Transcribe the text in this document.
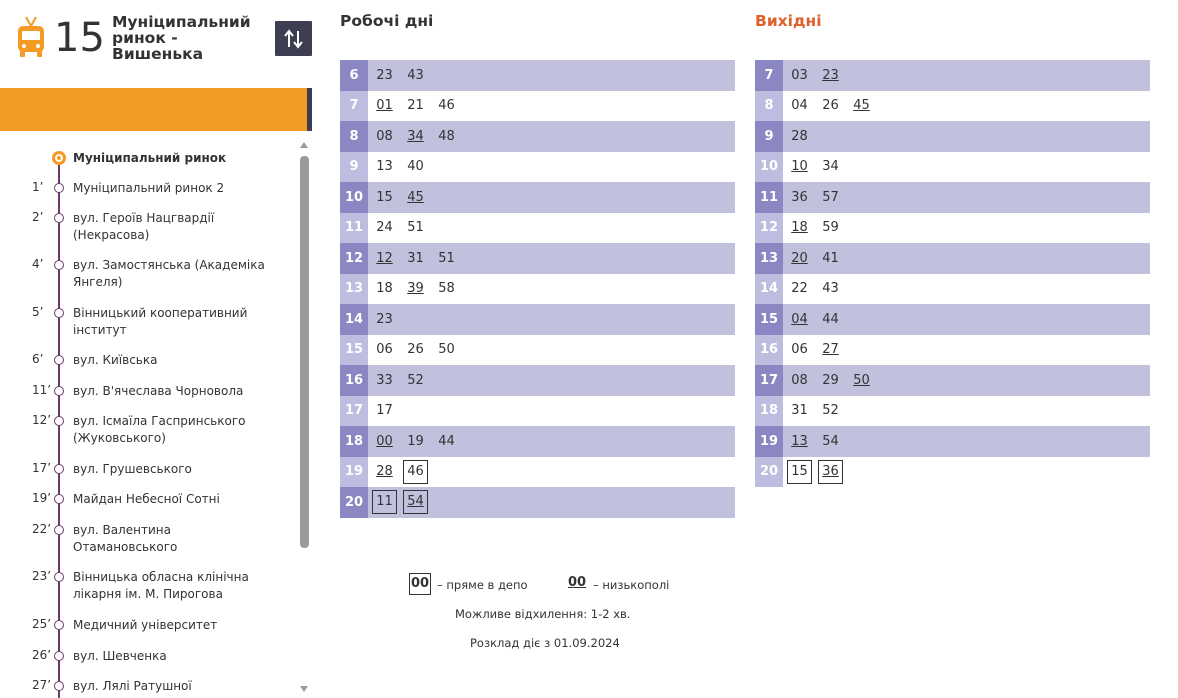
15 Муніципальний ринок - Вишенька
Муніципальний ринок
1’	Муніципальний ринок 2
2’	вул. Героїв Нацгвардії (Некрасова)
4’	вул. Замостянська (Академіка Янгеля)
5’	Вінницький кооперативний інститут
6’	вул. Київська
11’ вул. В'ячеслава Чорновола
12’ вул. Ісмаїла Гаспринського (Жуковського)
17’ вул. Грушевського
19’ Майдан Небесної Сотні
22’ вул. Валентина Отамановського
23’ Вінницька обласна клінічна лікарня ім. М. Пирогова
25’ Медичний університет
26’ вул. Шевченка
27’ вул. Лялі Ратушної
Робочі дні	Вихідні
6	23	43
7	01	21	46
8	08	34	48
9	13	40
10	15	45
11	24	51
12	12	31	51
13	18	39	58
14	23
15	06	26	50
16	33	52
17	17
18	00	19	44
19	28	46
20	11	54
7	03	23
8	04	26	45
9	28
10	10	34
11	36	57
12	18	59
13	20	41
14	22	43
15	04	44
16	06	27
17	08	29	50
18	31	52
19	13	54
20	15	36
00 – пряме в депо	00 – низькополі
Можливе відхилення: 1-2 хв.
Розклад діє з 01.09.2024
